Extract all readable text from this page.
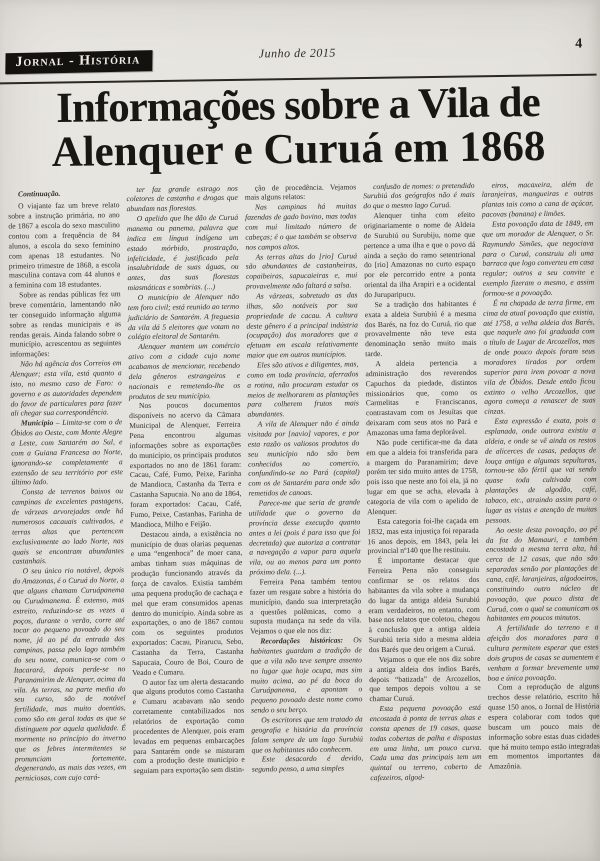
Jornal - História	Junho de 2015
4
Informações sobre a Vila de
Alenquer e Curuá em 1868

Continuação.

O viajante faz um breve relato sobre a instrução primária, no ano de 1867 a escola do sexo masculino contou com a frequência de 84 alunos, a escola do sexo feminino com apenas 18 estudantes. No primeiro trimestre de 1868, a escola masculina contava com 44 alunos e a feminina com 18 estudantes.

Sobre as rendas públicas fez um breve comentário, lamentando não ter conseguido informação alguma sobre as rendas municipais e as rendas gerais. Ainda falando sobre o município, acrescentou as seguintes informações:

Não há agência dos Correios em Alenquer; esta vila, está quanto a isto, no mesmo caso de Faro: o governo e as autoridades dependem do favor de particulares para fazer ali chegar sua correspondência.

Município – Limita-se com o de Óbidos ao Oeste, com Monte Alegre a Leste, com Santarém ao Sul, e com a Guiana Francesa ao Norte, ignorando-se completamente a extensão de seu território por este último lado.

Consta de terrenos baixos ou campinas de excelentes pastagens, de várzeas arvorejadas onde há numerosos cacauais cultivados, e terras altas que pertencem exclusivamente ao lado Norte, nas quais se encontram abundantes castanhais.

O seu único rio notável, depois do Amazonas, é o Curuá do Norte, a que alguns chamam Curuápanema ou Curuámanema. É extenso, mas estreito, reduzindo-se as vezes a poços, durante o verão, corre até tocar ao pequeno povoado do seu nome, já ao pé da entrada das campinas, passa pelo lago também do seu nome, comunica-se com o Itacarará, depois perde-se no Paranamirim de Alenquer, acima da vila. As terras, na parte media do seu curso, são de notável fertilidade, mas muito doentias, como são em geral todas as que se distinguem por aquela qualidade. É mormente no princípio do inverno que as febres intermitentes se pronunciam fortemente, degenerando, as mais das vezes, em perniciosas, com cujo cará-

ter faz grande estrago nos coletores de castanha e drogas que abundam nas florestas.

O apelido que lhe dão de Curuá manema ou panema, palavra que indica em língua indígena um estado mórbido, prostração, infelicidade, é justificado pela insalubridade de suas águas, ou antes, das suas florestas miasmáticas e sombrias. (...)

O município de Alenquer não tem foro civil; está reunido ao termo judiciário de Santarém. A freguesia da vila dá 5 eleitores que votam no colégio eleitoral de Santarém.

Alenquer mantem um comércio ativo com a cidade cujo nome acabamos de mencionar, recebendo dela gêneros estrangeiros e nacionais e remetendo-lhe os produtos de seu município.

Nos poucos documentos disponíveis no acervo da Câmara Municipal de Alenquer, Ferreira Pena encontrou algumas informações sobre as exportações do município, os principais produtos exportados no ano de 1861 foram: Cacau, Café, Fumo, Peixe, Farinha de Mandioca, Castanha da Terra e Castanha Sapucaia. No ano de 1864, foram exportados: Cacau, Café, Fumo, Peixe, Castanhas, Farinha de Mandioca, Milho e Feijão.

Destacou ainda, a existência no município de duas olarias pequenas e uma “engenhoca” de moer cana, ambas tinham suas máquinas de produção funcionando através da força de cavalos. Existia também uma pequena produção de cachaça e mel que eram consumidos apenas dentro do município. Ainda sobre as exportações, o ano de 1867 contou com os seguintes produtos exportados: Cacau, Pirarucu, Sebo, Castanha da Terra, Castanha Sapucaia, Couro de Boi, Couro de Veado e Cumaru.

O autor faz um alerta destacando que alguns produtos como Castanha e Cumaru acabavam não sendo corretamente contabilizados nos relatórios de exportação como procedentes de Alenquer, pois eram levados em pequenas embarcações para Santarém onde se misturam com a produção deste município e seguiam para exportação sem distin-

ção de procedência. Vejamos mais alguns relatos:

Nas campinas há muitas fazendas de gado bovino, mas todas com mui limitado número de cabeças; é o que também se observa nos campos altos.

As terras altas do [rio] Curuá são abundantes de castanheiras, copaibeiras, sapucaieiras e, mui provavelmente não faltará a salsa.

As várzeas, sobretudo as das ilhas, são notáveis por sua propriedade de cacau. A cultura deste gênero é a principal indústria (ocupação) dos moradores que a efetuam em escala relativamente maior que em outros municípios.

Eles são ativos e diligentes, mas, como em toda província, aferrados a rotina, não procuram estudar os meios de melhorarem as plantações para colherem frutos mais abundantes.

A vila de Alenquer não é ainda visitada por [navio] vapores, e por esta razão os valiosos produtos do seu município não são bem conhecidos no comercio, confundindo-se no Pará (capital) com os de Santarém para onde são remetidos de canoas.

Parece-me que seria de grande utilidade que o governo da província desse execução quanto antes a lei (pois é para isso que foi decretada) que autoriza a contratar a navegação a vapor para aquela vila, ou ao menos para um ponto próximo dela. (...).

Ferreira Pena também tentou fazer um resgate sobre a história do município, dando sua interpretação a questões polêmicas, como a suposta mudança na sede da vila. Vejamos o que ele nos diz:

Recordações históricas: Os habitantes guardam a tradição de que a vila não teve sempre assento no lugar que hoje ocupa, mas sim muito acima, ao pé da boca do Curuápanema, e apontam o pequeno povoado deste nome como sendo o seu berço.

Os escritores que tem tratado da geografia e história da província falam sempre de um lago Surubiú que os habitantes não conhecem.

Este desacordo é devido, segundo penso, a uma simples

confusão de nomes: o pretendido Surubiú dos geógrafos não é mais do que o mesmo lago Curuá.

Alenquer tinha com efeito originariamente o nome de Aldeia de Surubiú ou Surubiju, nome que pertence a uma ilha e que o povo dá ainda a seção do ramo setentrional do [rio] Amazonas no curto espaço por ele percorrido entre a ponta oriental da ilha Arapiri e a ocidental do Juruparipucu.

Se a tradição dos habitantes é exata a aldeia Surubiú é a mesma dos Barés, na foz do Curuá, rio que provavelmente não teve esta denominação senão muito mais tarde.

A aldeia pertencia a administração dos reverendos Capuchos da piedade, distintos missionários que, como os Carmelitas e Franciscanos, contrastavam com os Jesuítas que deixaram com seus atos no Pará e Amazonas uma fama deplorável.

Não pude certificar-me da data em que a aldeia foi transferida para a margem do Paranamirim; deve porém ter sido muito antes de 1758, pois isso que neste ano foi ela, já no lugar em que se acha, elevada à categoria de vila com o apelido de Alenquer.

Esta categoria foi-lhe caçada em 1832, mas esta injustiça foi reparada 16 anos depois, em 1843, pela lei provincial nº140 que lhe restituiu.

É importante destacar que Ferreira Pena não conseguiu confirmar se os relatos dos habitantes da vila sobre a mudança do lugar da antiga aldeia Surubiú eram verdadeiros, no entanto, com base nos relatos que coletou, chegou à conclusão que a antiga aldeia Surubiú teria sido a mesma aldeia dos Barés que deu origem a Curuá.

Vejamos o que ele nos diz sobre a antiga aldeia dos índios Barés, depois “batizada” de Arcozellos, que tempos depois voltou a se chamar Curuá.

Esta pequena povoação está encostada à ponta de terras altas e consta apenas de 19 casas, quase todas cobertas de palha e dispostas em uma linha, um pouco curva. Cada uma das principais tem um quintal ou terreno, coberto de cafezeiros, algod-

eiros, macaxeira, além de laranjeiras, mangueiras e outras plantas tais como a cana de açúcar, pacovas (banana) e limões.

Esta povoação data de 1849, em que um morador de Alenquer, o Sr. Raymundo Simões, que negociava para o Curuá, construiu ali uma barraca que logo converteu em casa regular; outros a seu convite e exemplo fizeram o mesmo, e assim formou-se a povoação.

É na chapada de terra firme, em cima da atual povoação que existia, até 1758, a velha aldeia dos Barés, que naquele ano foi graduada com o título de Lugar de Arcozellos, mas de onde pouco depois foram seus moradores tirados por ordem superior para irem povoar a nova vila de Óbidos. Desde então ficou extinto o velho Arcozellos, que agora começa a renascer de suas cinzas.

Esta expressão é exata, pois a esplanada, onde outrora existiu a aldeia, e onde se vê ainda os restos de alicerces de casas, pedaços de louça antiga e algumas sepulturas, tornou-se tão fértil que vai sendo quase toda cultivada com plantações de algodão, café, tabaco, etc., atraindo assim para o lugar as vistas e atenção de muitas pessoas.

Ao oeste desta povoação, ao pé da foz do Mamauri, e também encostada a mesma terra alta, há cerca de 12 casas, que não são separadas senão por plantações de cana, café, laranjeiras, algodoeiros, constituindo outro núcleo de povoação, que pouco dista de Curuá, com o qual se comunicam os habitantes em poucos minutos.

A fertilidade do terreno e a afeição dos moradores para a cultura permitem esperar que estes dois grupos de casas se aumentem e venham a formar brevemente uma boa e única povoação.

Com a reprodução de alguns trechos desse relatório, escrito há quase 150 anos, o Jornal de História espera colaborar com todos que buscam um pouco mais de informação sobre estas duas cidades que há muito tempo estão integradas em momentos importantes da Amazônia.
